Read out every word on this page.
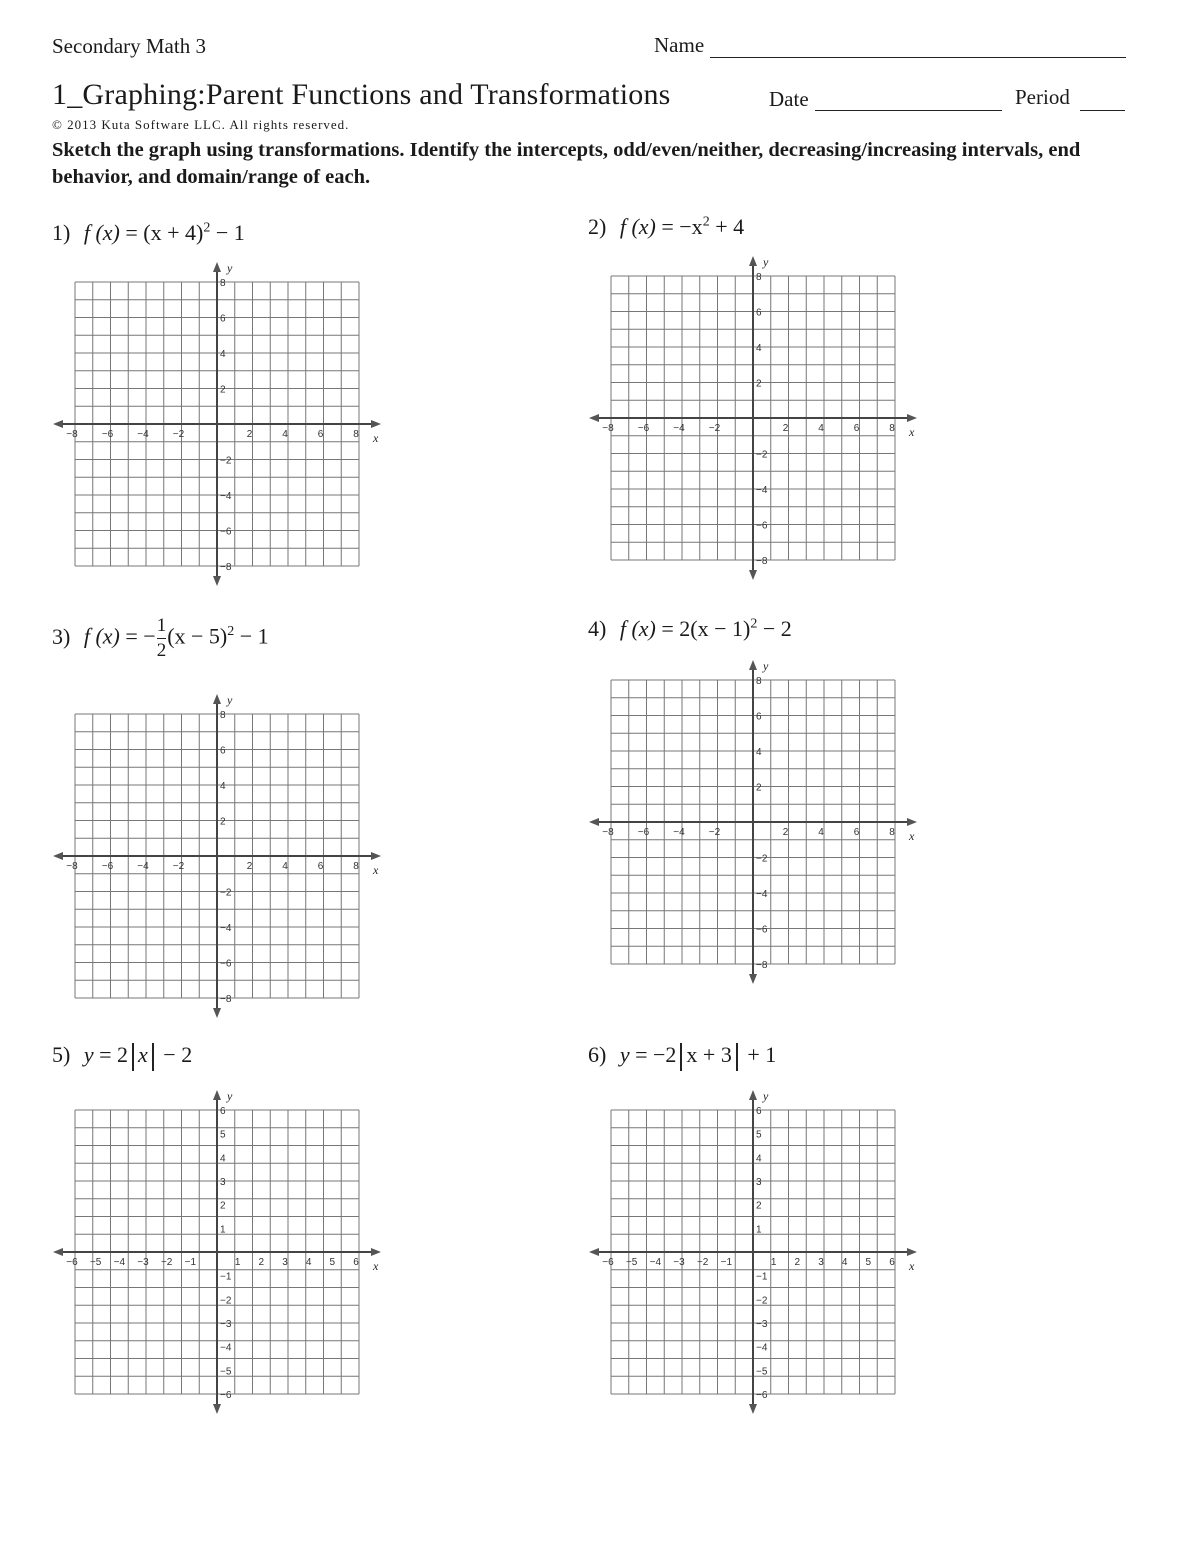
Secondary Math 3	Name
1_Graphing:Parent Functions and Transformations	Date	Period
© 2013 Kuta Software LLC. All rights reserved.
Sketch the graph using transformations. Identify the intercepts, odd/even/neither, decreasing/increasing intervals, end behavior, and domain/range of each.
1) f $(x) = (x + 4)^2 - 1$	2) f $(x) = -x^2 + 4$
3) f (x) = − $\frac{1}{2} (x - 5)^2 - 1$	4) f $(x) = 2(x - 1)^2 - 2$
5) y = 2 x − 2	6) y = −2 x + 3 + 1
x
y
−8 −6 −4 −2	2	4	6	8
8
6
4
2
−2
−4
−6
−8
x
y
−8 −6 −4 −2	2	4	6	8
8
6
4
2
−2
−4
−6
−8
x
y
−8 −6 −4 −2	2	4	6	8
8
6
4
2
−2
−4
−6
−8
x
y
−8 −6 −4 −2	2	4	6	8
8
6
4
2
−2
−4
−6
−8
x
y
−6 −5 −4 −3 −2 −1	1 2 3 4 5 6
6
5
4
3
2
1
−1
−2
−3
−4
−5
−6
x
y
−6 −5 −4 −3 −2 −1	1 2 3 4 5 6
6
5
4
3
2
1
−1
−2
−3
−4
−5
−6
